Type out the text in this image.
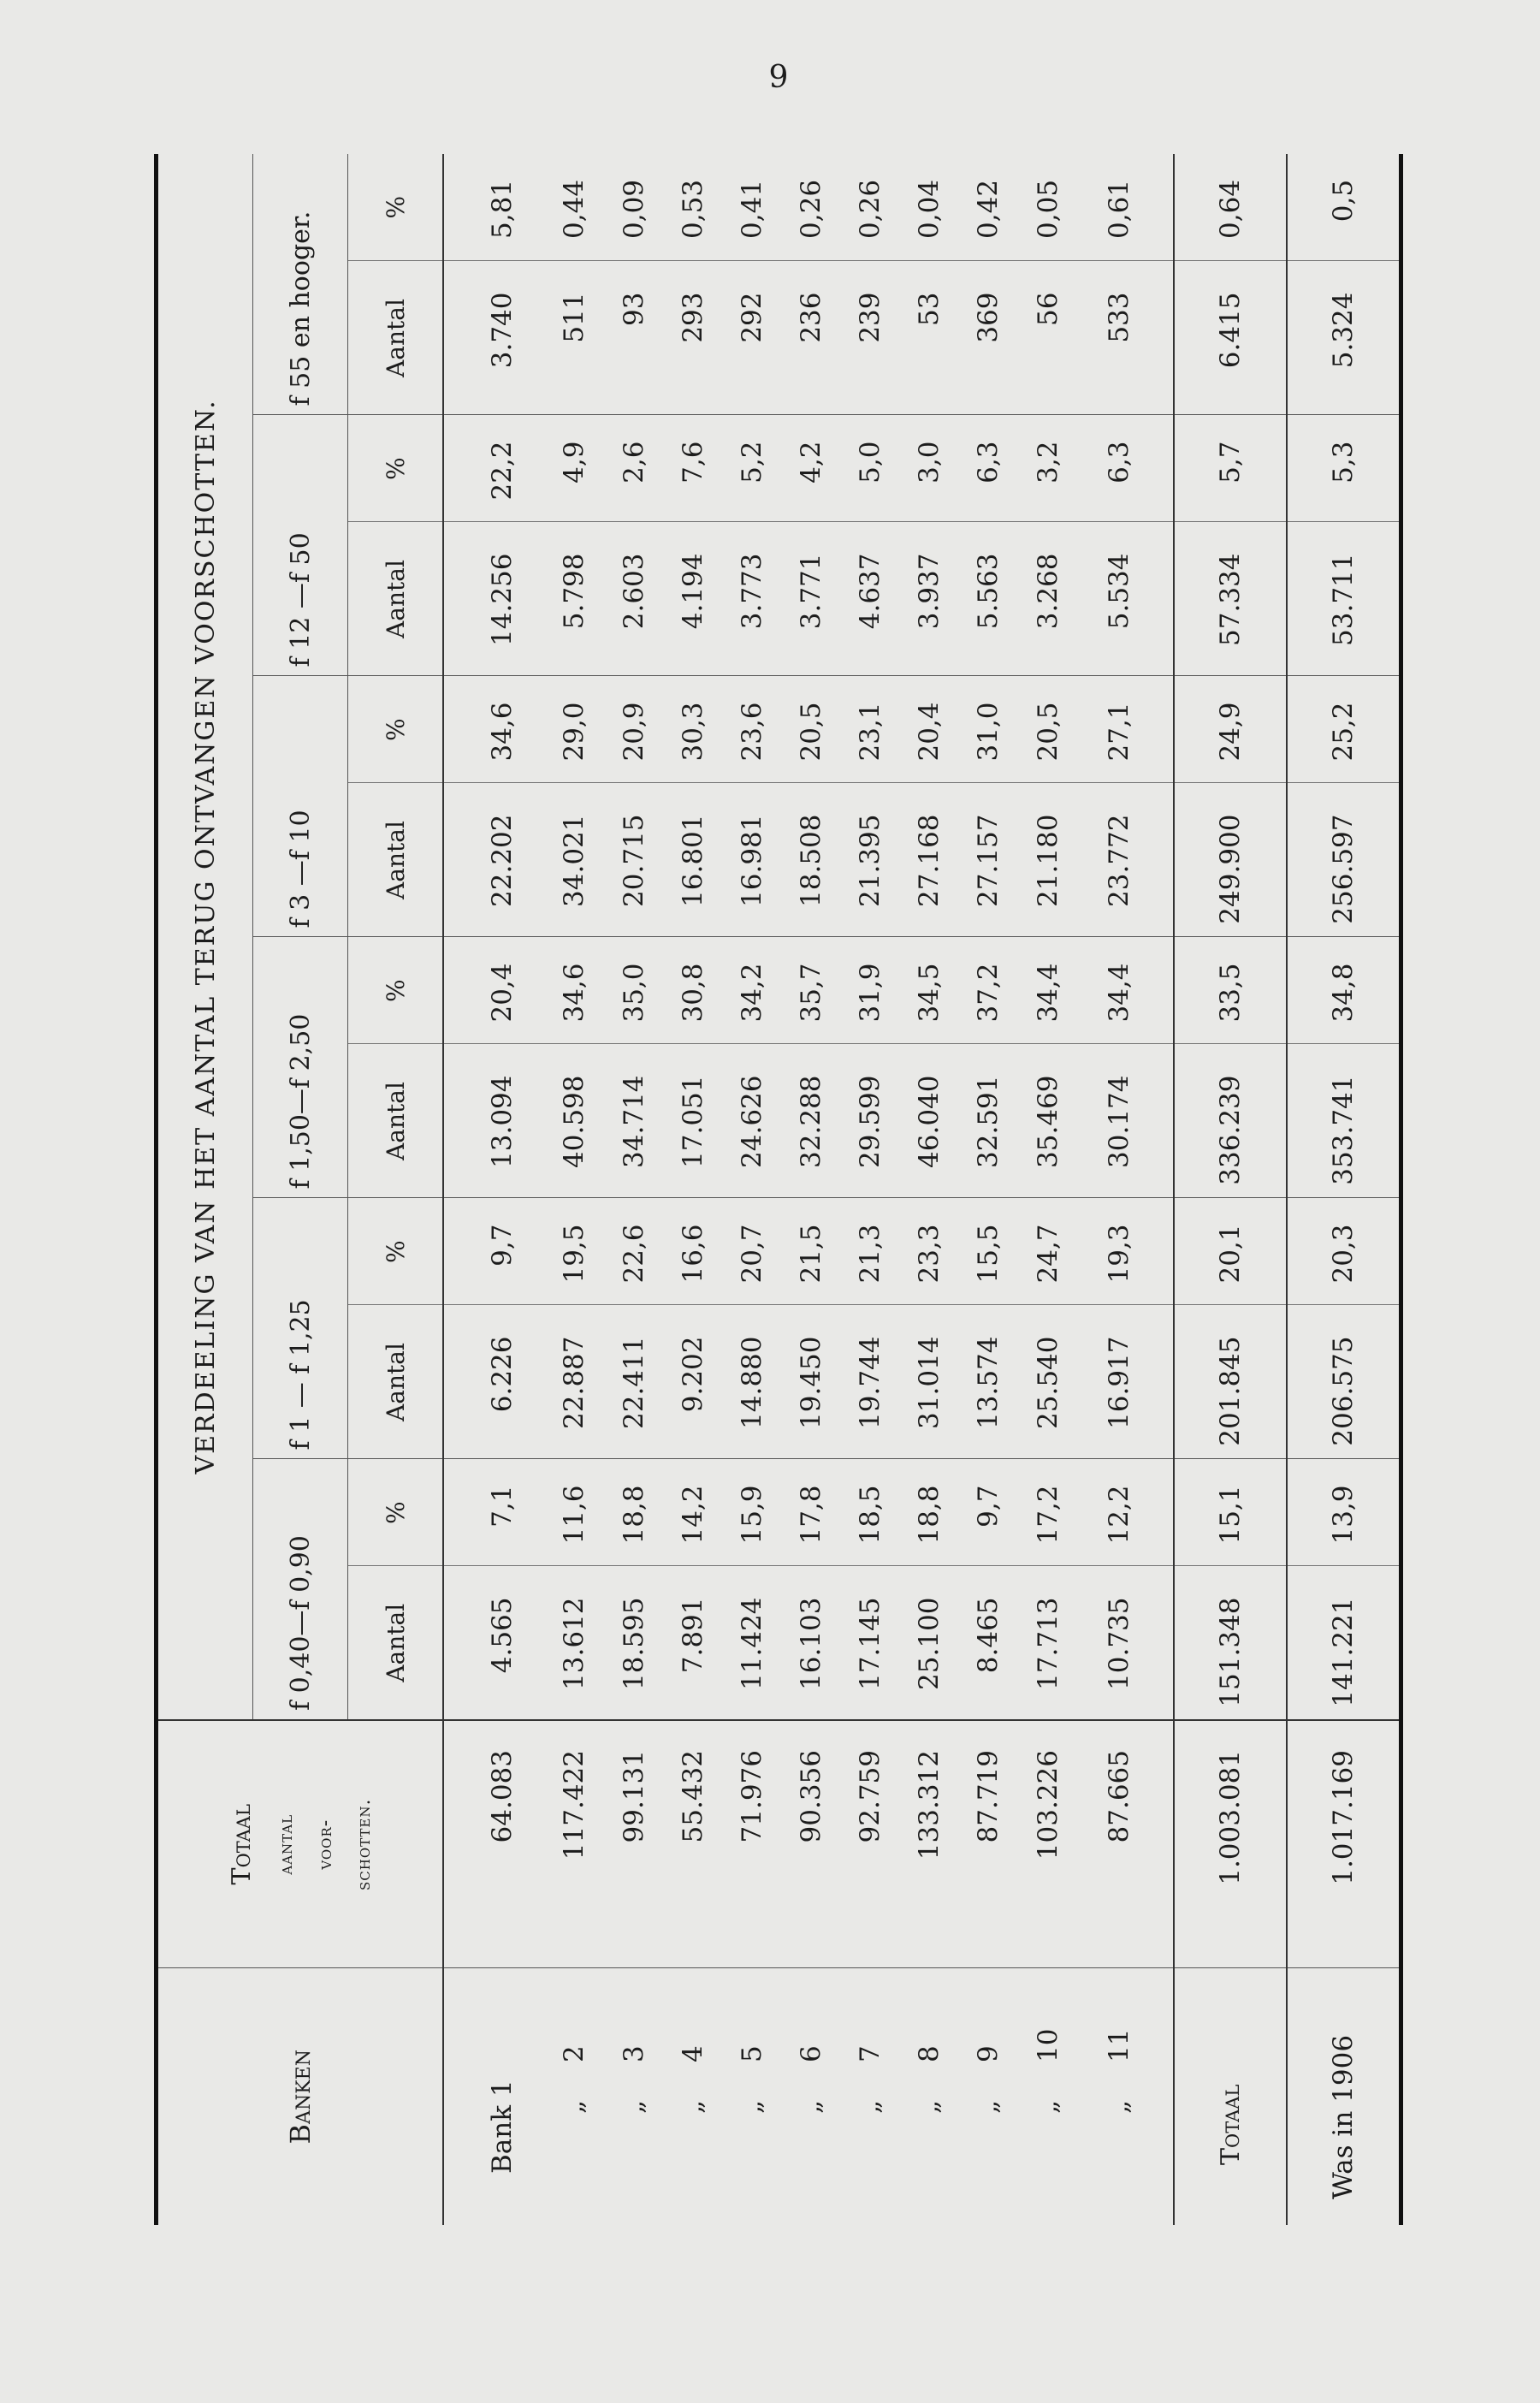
9
Banken	Totaal aantal voor- schotten.	VERDEELING VAN HET AANTAL TERUG ONTVANGEN VOORSCHOTTEN.											
		f 0,40—f 0,90		f 1 — f 1,25		f 1,50—f 2,50		f 3 —f 10		f 12 —f 50		f 55 en hooger.	
		Aantal	%	Aantal	%	Aantal	%	Aantal	%	Aantal	%	Aantal	%
Bank 1	64.083	4.565	7,1	6.226	9,7	13.094	20,4	22.202	34,6	14.256	22,2	3.740	5,81
„2	117.422	13.612	11,6	22.887	19,5	40.598	34,6	34.021	29,0	5.798	4,9	511	0,44
„3	99.131	18.595	18,8	22.411	22,6	34.714	35,0	20.715	20,9	2.603	2,6	93	0,09
„4	55.432	7.891	14,2	9.202	16,6	17.051	30,8	16.801	30,3	4.194	7,6	293	0,53
„5	71.976	11.424	15,9	14.880	20,7	24.626	34,2	16.981	23,6	3.773	5,2	292	0,41
„6	90.356	16.103	17,8	19.450	21,5	32.288	35,7	18.508	20,5	3.771	4,2	236	0,26
„7	92.759	17.145	18,5	19.744	21,3	29.599	31,9	21.395	23,1	4.637	5,0	239	0,26
„8	133.312	25.100	18,8	31.014	23,3	46.040	34,5	27.168	20,4	3.937	3,0	53	0,04
„9	87.719	8.465	9,7	13.574	15,5	32.591	37,2	27.157	31,0	5.563	6,3	369	0,42
„10	103.226	17.713	17,2	25.540	24,7	35.469	34,4	21.180	20,5	3.268	3,2	56	0,05
„11	87.665	10.735	12,2	16.917	19,3	30.174	34,4	23.772	27,1	5.534	6,3	533	0,61
Totaal	1.003.081	151.348	15,1	201.845	20,1	336.239	33,5	249.900	24,9	57.334	5,7	6.415	0,64
Was in 1906	1.017.169	141.221	13,9	206.575	20,3	353.741	34,8	256.597	25,2	53.711	5,3	5.324	0,5
